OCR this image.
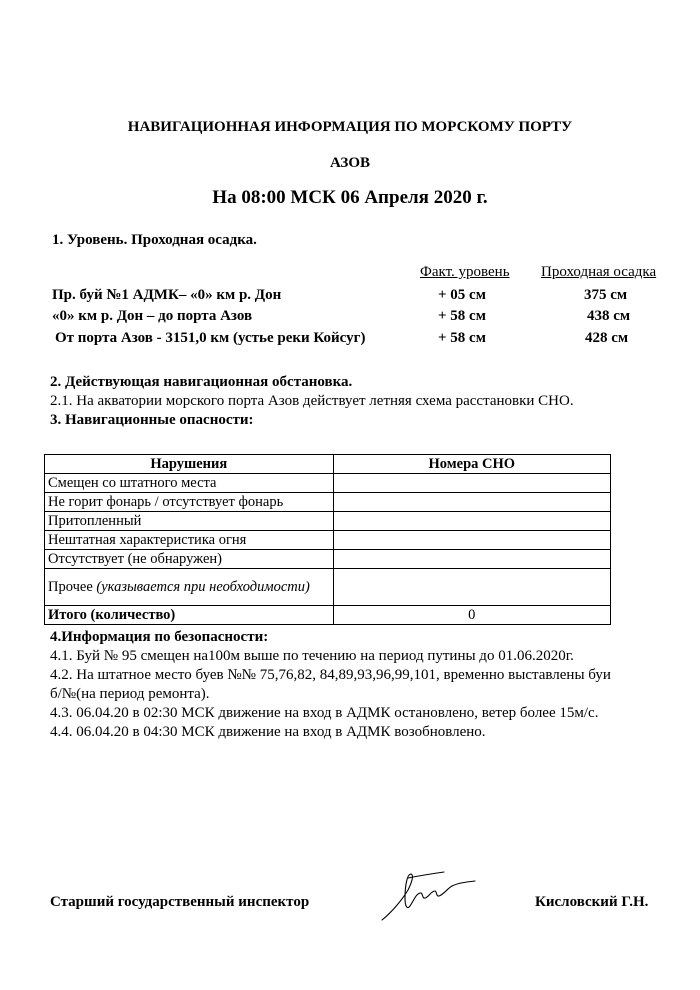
НАВИГАЦИОННАЯ ИНФОРМАЦИЯ ПО МОРСКОМУ ПОРТУ
АЗОВ
На 08:00 МСК 06 Апреля 2020 г.
1. Уровень. Проходная осадка.
Факт. уровень Проходная осадка
Пр. буй №1 АДМК– «0» км р. Дон	+ 05 см	375 см
«0» км р. Дон – до порта Азов	+ 58 см	438 см
От порта Азов - 3151,0 км (устье реки Койсуг)	+ 58 см	428 см
2. Действующая навигационная обстановка.
2.1. На акватории морского порта Азов действует летняя схема расстановки СНО.
3. Навигационные опасности:
Нарушения	Номера СНО
Смещен со штатного места	
Не горит фонарь / отсутствует фонарь	
Притопленный	
Нештатная характеристика огня	
Отсутствует (не обнаружен)	
Прочее (указывается при необходимости)	
Итого (количество)	0
4.Информация по безопасности:
4.1. Буй № 95 смещен на100м выше по течению на период путины до 01.06.2020г.
4.2. На штатное место буев №№ 75,76,82, 84,89,93,96,99,101, временно выставлены буи
б/№(на период ремонта).
4.3. 06.04.20 в 02:30 МСК движение на вход в АДМК остановлено, ветер более 15м/с.
4.4. 06.04.20 в 04:30 МСК движение на вход в АДМК возобновлено.
Старший государственный инспектор	Кисловский Г.Н.
